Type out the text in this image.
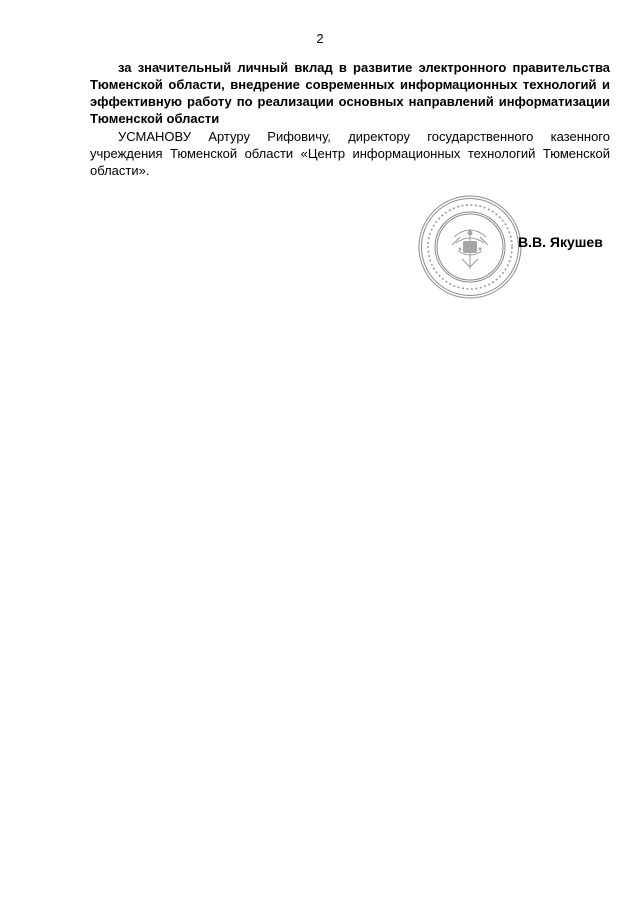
2

за значительный личный вклад в развитие электронного правительства Тюменской области, внедрение современных информационных технологий и эффективную работу по реализации основных направлений информатизации Тюменской области

УСМАНОВУ Артуру Рифовичу, директору государственного казенного учреждения Тюменской области «Центр информационных технологий Тюменской области».

В.В. Якушев
